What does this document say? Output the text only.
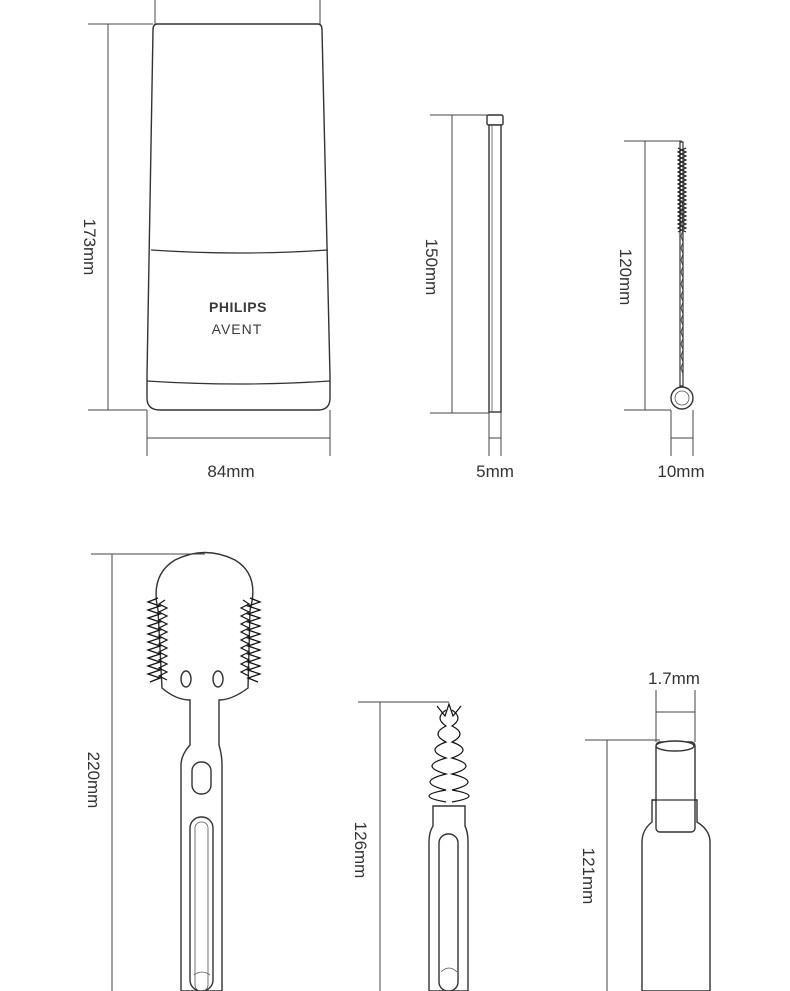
PHILIPS
AVENT
173mm
84mm
150mm
5mm
120mm
10mm
220mm
126mm	121mm
1.7mm
